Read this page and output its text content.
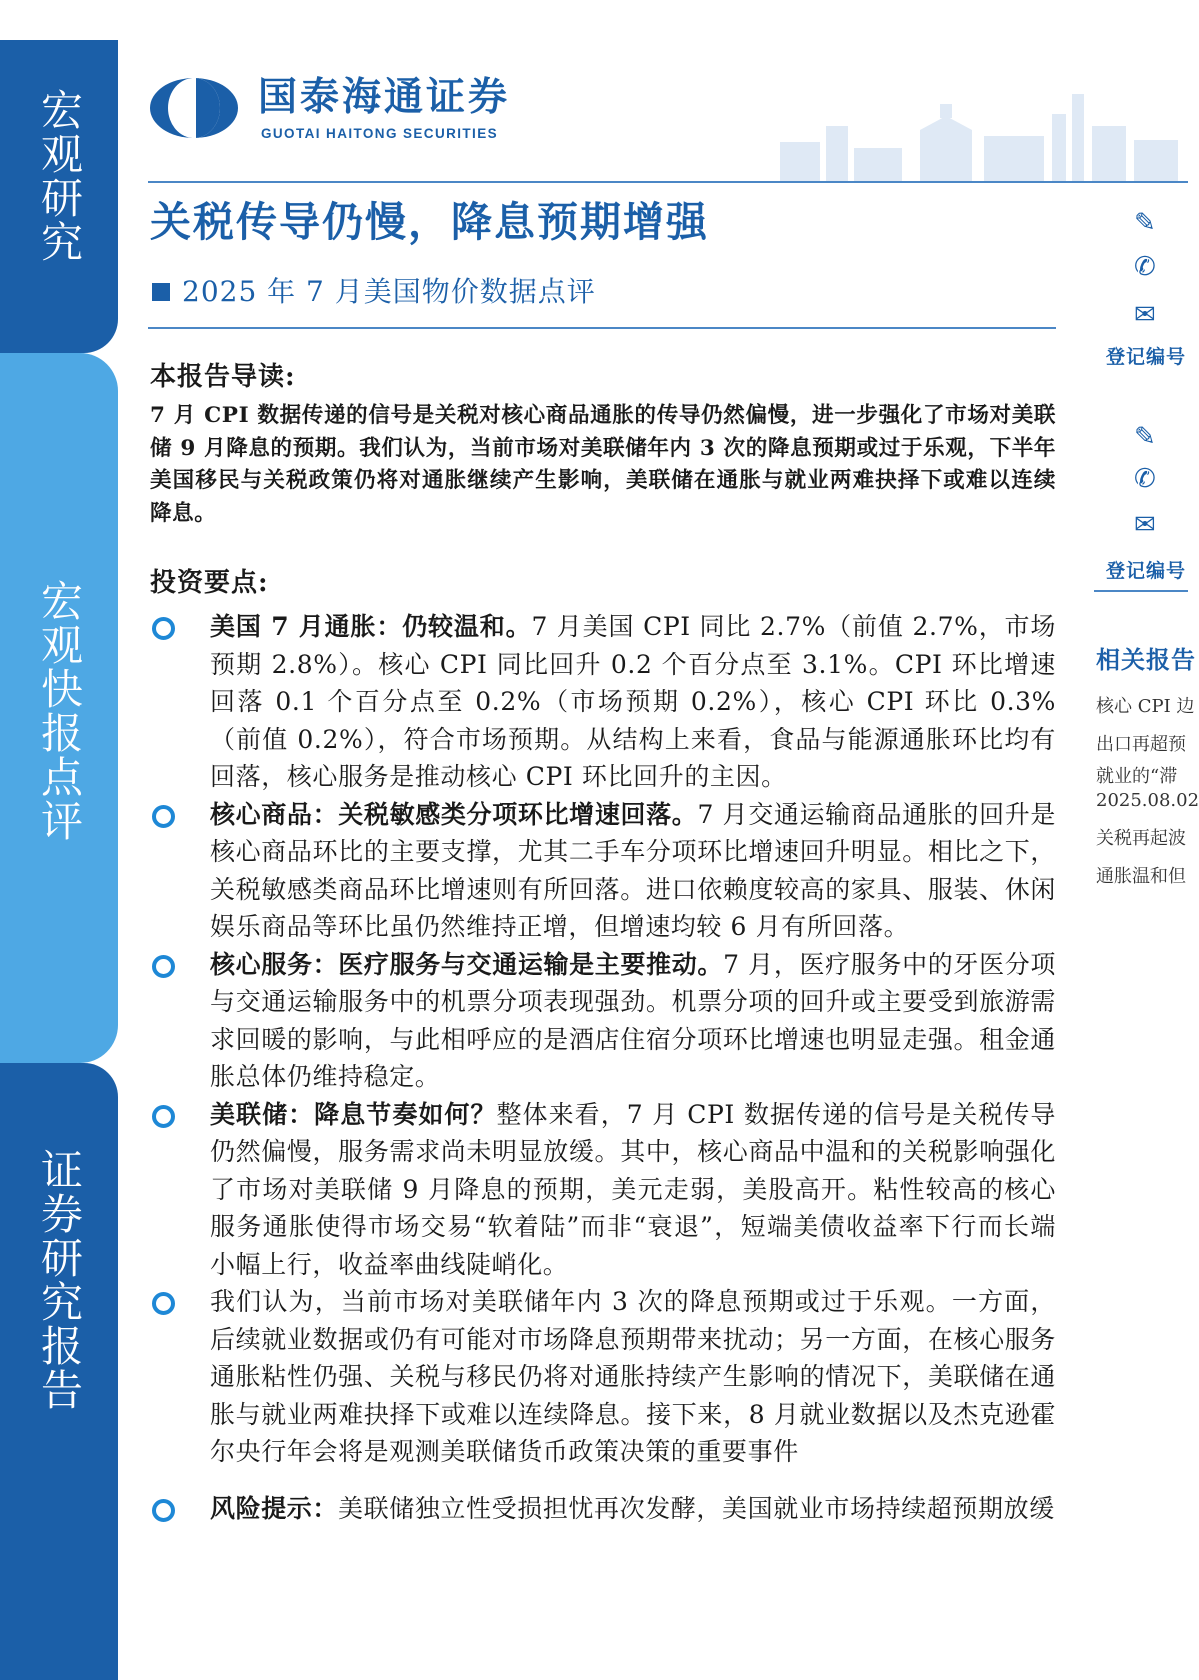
宏观研究
宏观快报点评
证券研究报告
国泰海通证券
GUOTAI HAITONG SECURITIES
关税传导仍慢，降息预期增强
2025 年 7 月美国物价数据点评
✎
✆
✉
登记编号
✎
✆
✉
登记编号
相关报告
核心 CPI 边
出口再超预
就业的“滞
2025.08.02
关税再起波
通胀温和但
本报告导读:
7 月 CPI 数据传递的信号是关税对核心商品通胀的传导仍然偏慢，进一步强化了市场对美联储 9 月降息的预期。我们认为，当前市场对美联储年内 3 次的降息预期或过于乐观，下半年美国移民与关税政策仍将对通胀继续产生影响，美联储在通胀与就业两难抉择下或难以连续降息。
投资要点:
美国 7 月通胀：仍较温和。7 月美国 CPI 同比 2.7%（前值 2.7%，市场预期 2.8%）。核心 CPI 同比回升 0.2 个百分点至 3.1%。CPI 环比增速回落 0.1 个百分点至 0.2%（市场预期 0.2%），核心 CPI 环比 0.3%（前值 0.2%），符合市场预期。从结构上来看，食品与能源通胀环比均有回落，核心服务是推动核心 CPI 环比回升的主因。
核心商品：关税敏感类分项环比增速回落。7 月交通运输商品通胀的回升是核心商品环比的主要支撑，尤其二手车分项环比增速回升明显。相比之下，关税敏感类商品环比增速则有所回落。进口依赖度较高的家具、服装、休闲娱乐商品等环比虽仍然维持正增，但增速均较 6 月有所回落。
核心服务：医疗服务与交通运输是主要推动。7 月，医疗服务中的牙医分项与交通运输服务中的机票分项表现强劲。机票分项的回升或主要受到旅游需求回暖的影响，与此相呼应的是酒店住宿分项环比增速也明显走强。租金通胀总体仍维持稳定。
美联储：降息节奏如何？整体来看，7 月 CPI 数据传递的信号是关税传导仍然偏慢，服务需求尚未明显放缓。其中，核心商品中温和的关税影响强化了市场对美联储 9 月降息的预期，美元走弱，美股高开。粘性较高的核心服务通胀使得市场交易“软着陆”而非“衰退”，短端美债收益率下行而长端小幅上行，收益率曲线陡峭化。
我们认为，当前市场对美联储年内 3 次的降息预期或过于乐观。一方面，后续就业数据或仍有可能对市场降息预期带来扰动；另一方面，在核心服务通胀粘性仍强、关税与移民仍将对通胀持续产生影响的情况下，美联储在通胀与就业两难抉择下或难以连续降息。接下来，8 月就业数据以及杰克逊霍尔央行年会将是观测美联储货币政策决策的重要事件
风险提示：美联储独立性受损担忧再次发酵，美国就业市场持续超预期放缓
